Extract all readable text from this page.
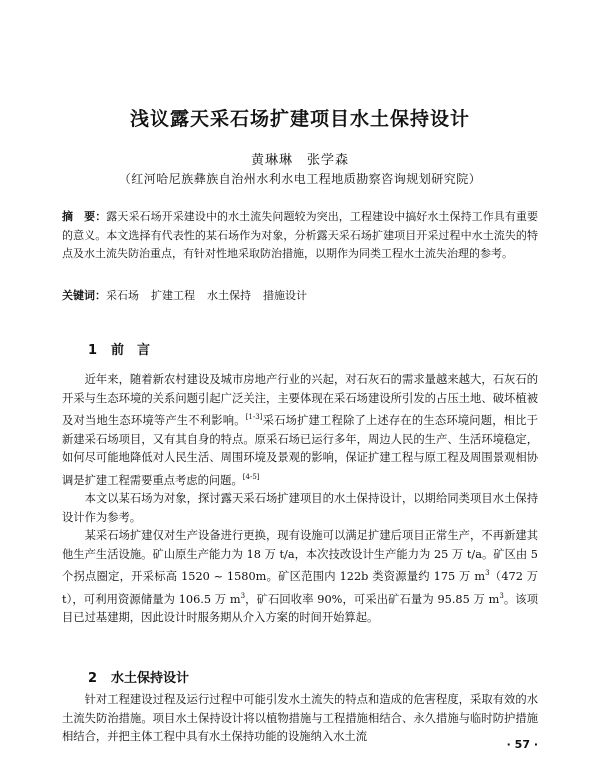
浅议露天采石场扩建项目水土保持设计
黄琳琳　张学森
（红河哈尼族彝族自治州水利水电工程地质勘察咨询规划研究院）
摘　要：露天采石场开采建设中的水土流失问题较为突出，工程建设中搞好水土保持工作具有重要的意义。本文选择有代表性的某石场作为对象，分析露天采石场扩建项目开采过程中水土流失的特点及水土流失防治重点，有针对性地采取防治措施，以期作为同类工程水土流失治理的参考。
关键词：采石场 扩建工程 水土保持 措施设计
1 前　言

近年来，随着新农村建设及城市房地产行业的兴起，对石灰石的需求量越来越大，石灰石的开采与生态环境的关系问题引起广泛关注，主要体现在采石场建设所引发的占压土地、破坏植被及对当地生态环境等产生不利影响。[1-3]采石场扩建工程除了上述存在的生态环境问题，相比于新建采石场项目，又有其自身的特点。原采石场已运行多年，周边人民的生产、生活环境稳定，如何尽可能地降低对人民生活、周围环境及景观的影响，保证扩建工程与原工程及周围景观相协调是扩建工程需要重点考虑的问题。[4-5]

本文以某石场为对象，探讨露天采石场扩建项目的水土保持设计，以期给同类项目水土保持设计作为参考。

某采石场扩建仅对生产设备进行更换，现有设施可以满足扩建后项目正常生产，不再新建其他生产生活设施。矿山原生产能力为 18 万 t/a，本次技改设计生产能力为 25 万 t/a。矿区由 5 个拐点圈定，开采标高 1520 ~ 1580m。矿区范围内 122b 类资源量约 175 万 $m^3(472$ 万 t），可利用资源储量为 106.5 万 $m^3$，矿石回收率 90%，可采出矿石量为 95.85 万 $m^3$。该项目已过基建期，因此设计时服务期从介入方案的时间开始算起。

2 水土保持设计

针对工程建设过程及运行过程中可能引发水土流失的特点和造成的危害程度，采取有效的水土流失防治措施。项目水土保持设计将以植物措施与工程措施相结合、永久措施与临时防护措施相结合，并把主体工程中具有水土保持功能的设施纳入水土流

· 57 ·
